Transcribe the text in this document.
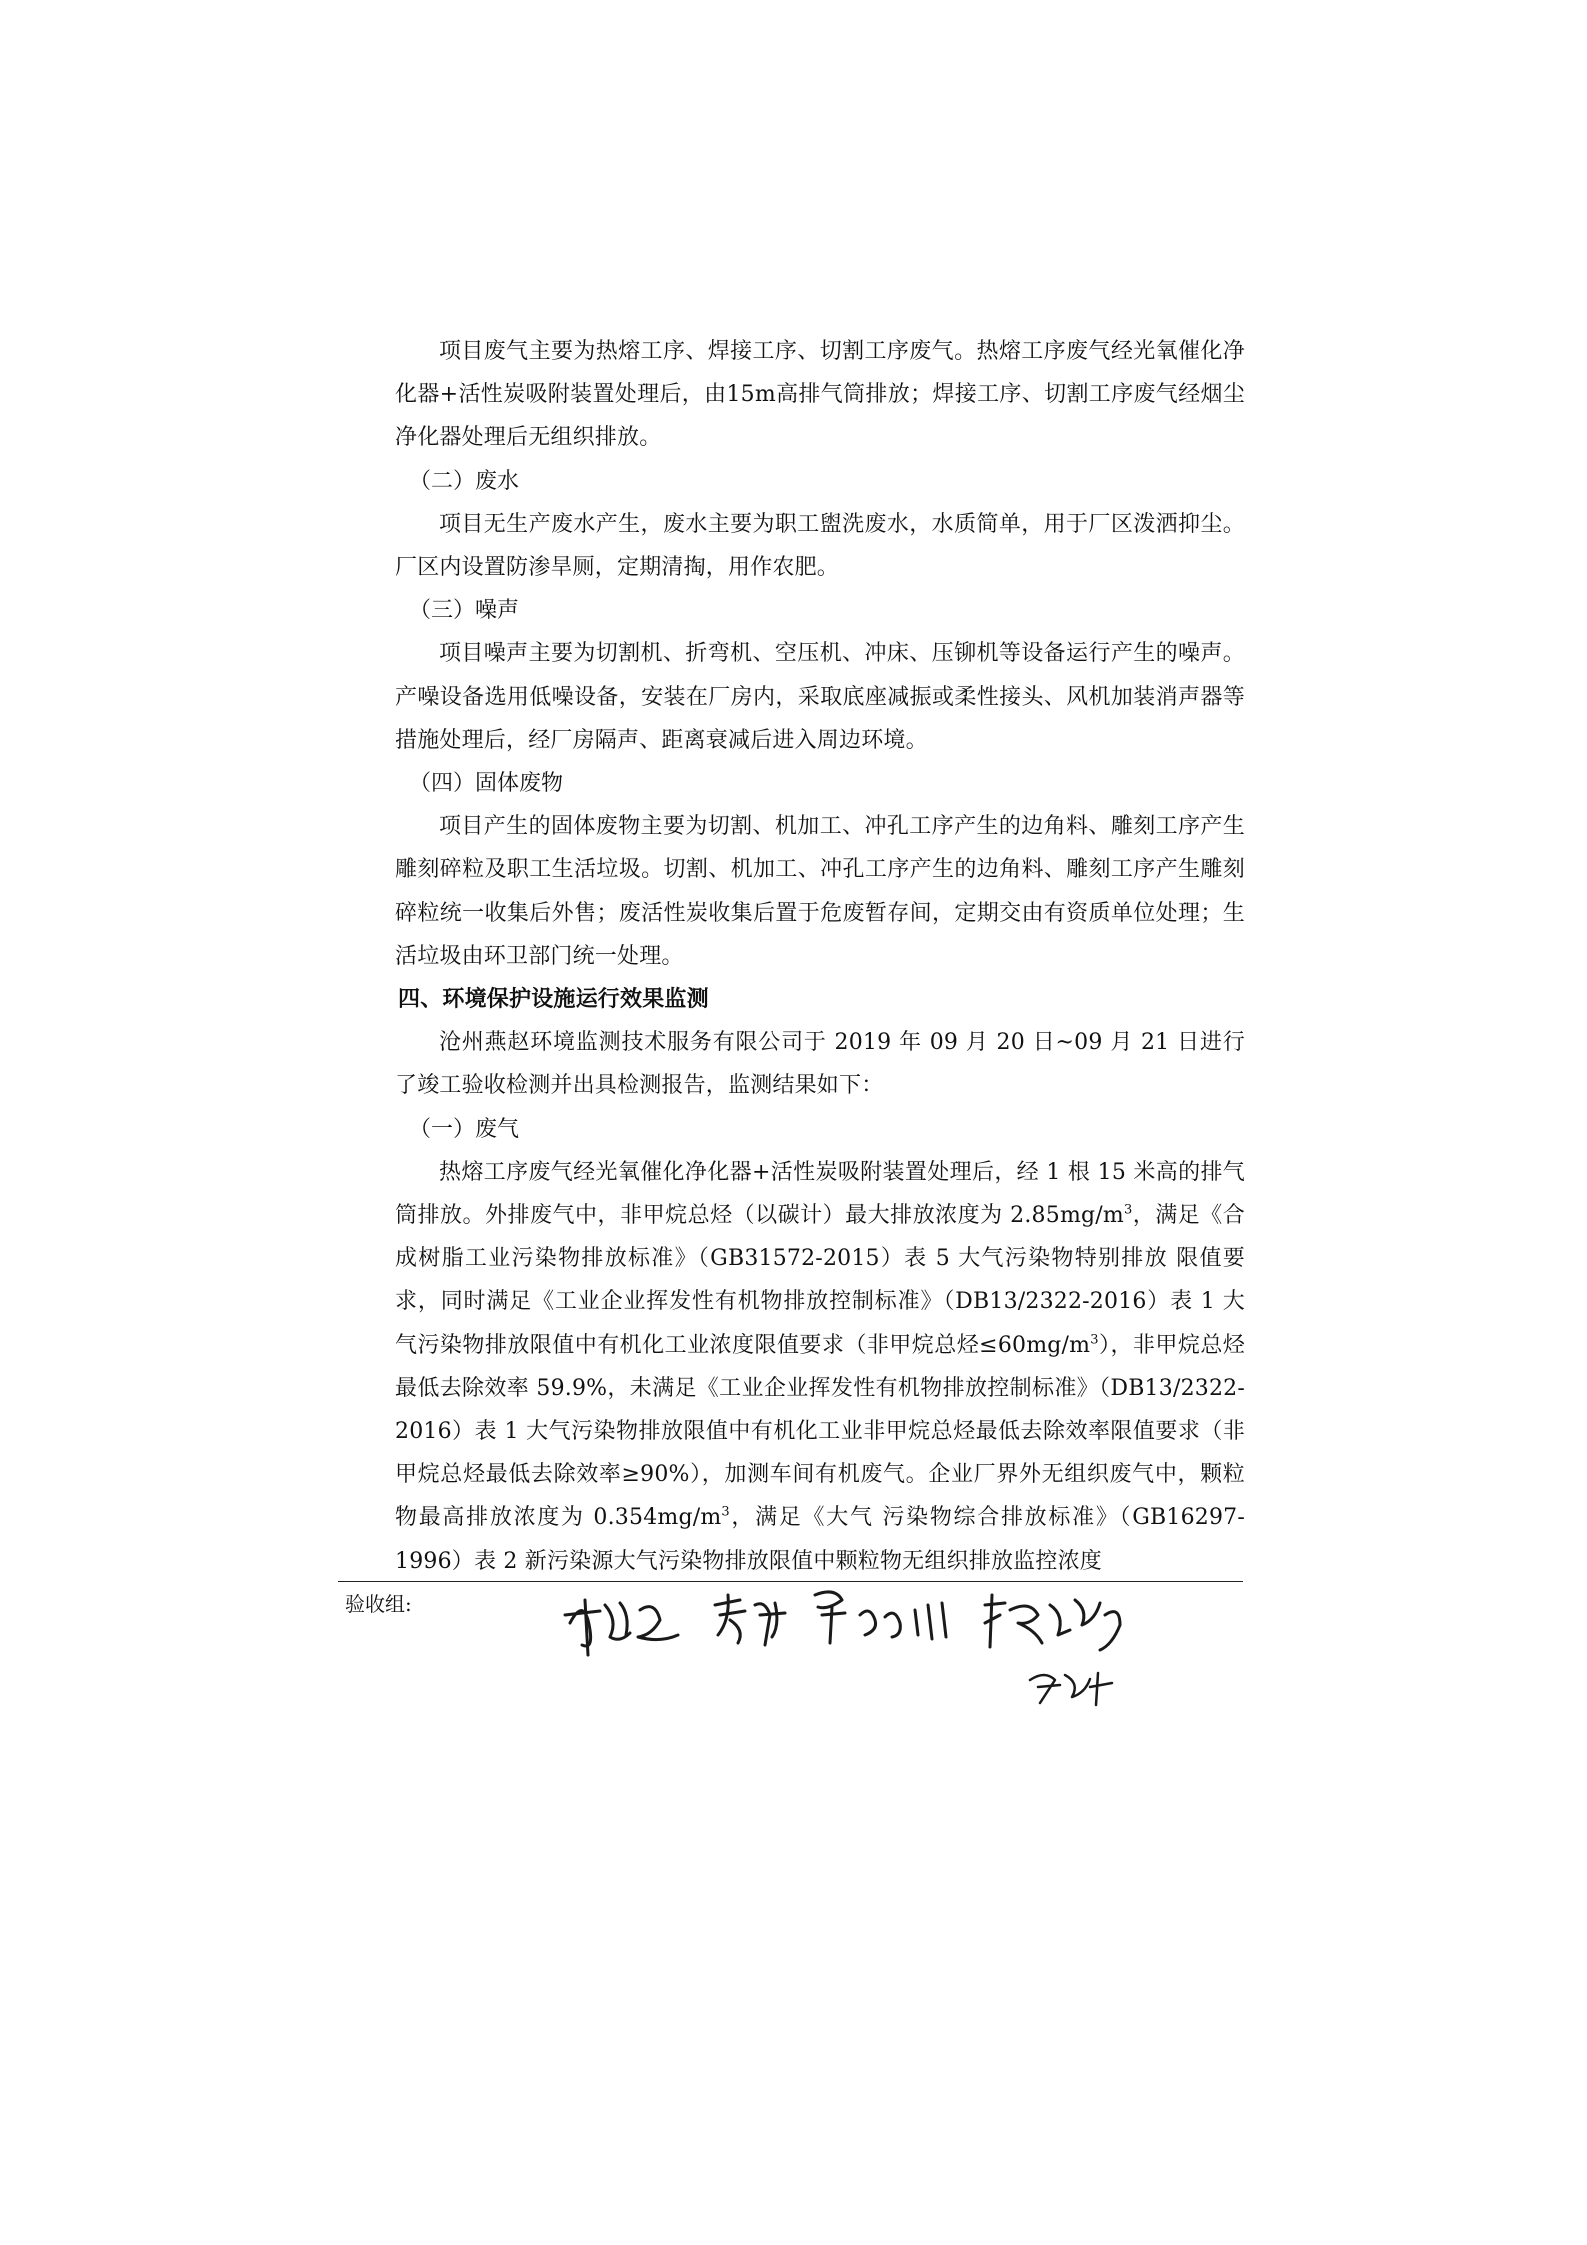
项目废气主要为热熔工序、焊接工序、切割工序废气。热熔工序废气经光氧催化净化器+活性炭吸附装置处理后，由15m高排气筒排放；焊接工序、切割工序废气经烟尘净化器处理后无组织排放。

（二）废水

项目无生产废水产生，废水主要为职工盥洗废水，水质简单，用于厂区泼洒抑尘。厂区内设置防渗旱厕，定期清掏，用作农肥。

（三）噪声

项目噪声主要为切割机、折弯机、空压机、冲床、压铆机等设备运行产生的噪声。产噪设备选用低噪设备，安装在厂房内，采取底座减振或柔性接头、风机加装消声器等措施处理后，经厂房隔声、距离衰减后进入周边环境。

（四）固体废物

项目产生的固体废物主要为切割、机加工、冲孔工序产生的边角料、雕刻工序产生雕刻碎粒及职工生活垃圾。切割、机加工、冲孔工序产生的边角料、雕刻工序产生雕刻碎粒统一收集后外售；废活性炭收集后置于危废暂存间，定期交由有资质单位处理；生活垃圾由环卫部门统一处理。

四、环境保护设施运行效果监测

沧州燕赵环境监测技术服务有限公司于 2019 年 09 月 20 日~09 月 21 日进行了竣工验收检测并出具检测报告，监测结果如下：

（一）废气

热熔工序废气经光氧催化净化器+活性炭吸附装置处理后，经 1 根 15 米高的排气筒排放。外排废气中，非甲烷总烃（以碳计）最大排放浓度为 $2.85mg/m^3$，满足《合成树脂工业污染物排放标准》（GB31572-2015）表 5 大气污染物特别排放 限值要求，同时满足《工业企业挥发性有机物排放控制标准》（DB13/2322-2016）表 1 大气污染物排放限值中有机化工业浓度限值要求（非甲烷总烃$\le 60mg/m^3$），非甲烷总烃最低去除效率 59.9%，未满足《工业企业挥发性有机物排放控制标准》（DB13/2322-2016）表 1 大气污染物排放限值中有机化工业非甲烷总烃最低去除效率限值要求（非甲烷总烃最低去除效率≥90%），加测车间有机废气。企业厂界外无组织废气中，颗粒物最高排放浓度为 $0.354mg/m^3$，满足《大气 污染物综合排放标准》（GB16297-1996）表 2 新污染源大气污染物排放限值中颗粒物无组织排放监控浓度

验收组:
